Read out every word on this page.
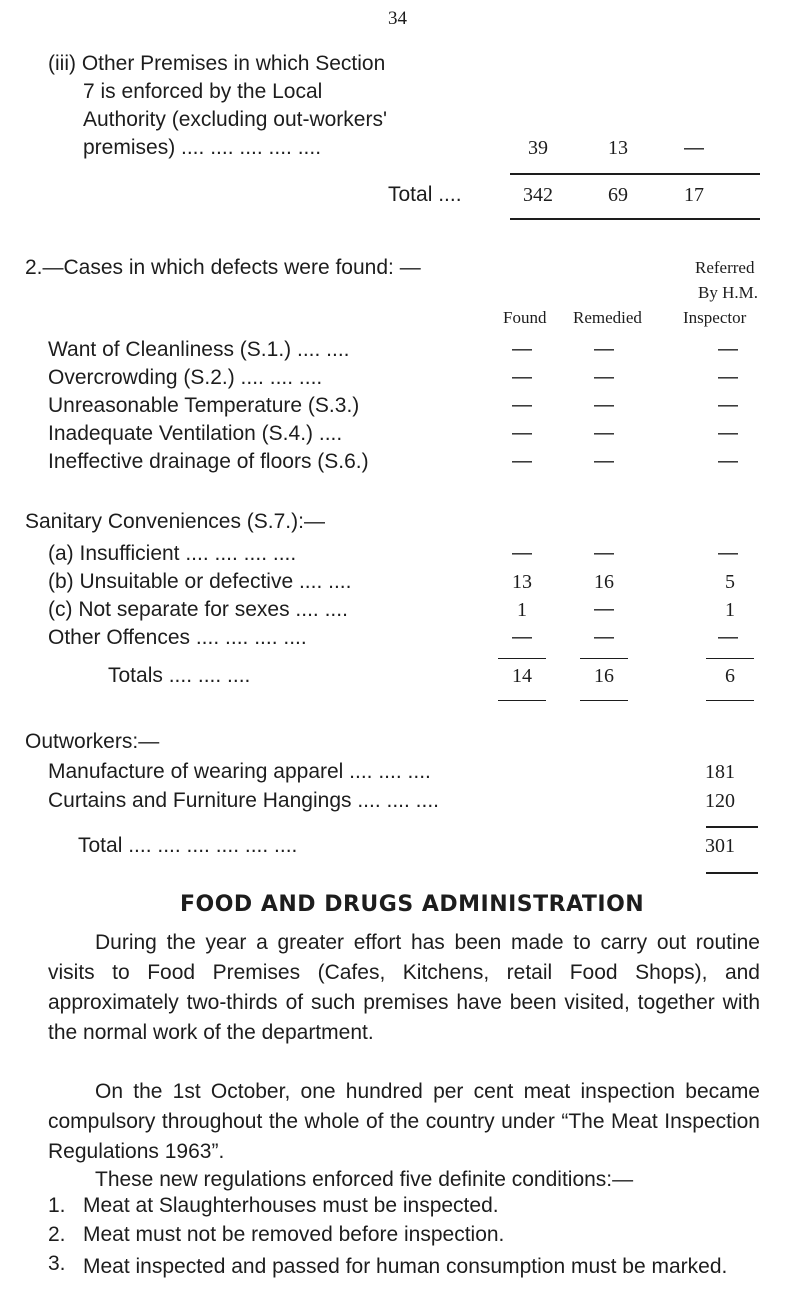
34
(iii) Other Premises in which Section
7 is enforced by the Local
Authority (excluding out-workers'
premises) .... .... .... .... ....	39	13	—
Total ....	342	69	17
2.—Cases in which defects were found: —	Referred
By H.M.
Found Remedied Inspector
Want of Cleanliness (S.1.) .... ....	—	—	—
Overcrowding (S.2.) .... .... ....	—	—	—
Unreasonable Temperature (S.3.)	—	—	—
Inadequate Ventilation (S.4.) ....	—	—	—
Ineffective drainage of floors (S.6.)	—	—	—
Sanitary Conveniences (S.7.):—
(a) Insufficient .... .... .... ....	—	—	—
(b) Unsuitable or defective .... ....	13	16	5
(c) Not separate for sexes .... ....	1	—	1
Other Offences .... .... .... ....	—	—	—
Totals .... .... ....	14	16	6
Outworkers:—
Manufacture of wearing apparel .... .... ....	181
Curtains and Furniture Hangings .... .... ....	120
Total .... .... .... .... .... ....	301
FOOD AND DRUGS ADMINISTRATION
During the year a greater effort has been made to carry out routine visits to Food Premises (Cafes, Kitchens, retail Food Shops), and approximately two-thirds of such premises have been visited, together with the normal work of the department.
On the 1st October, one hundred per cent meat inspection became compulsory throughout the whole of the country under “The Meat Inspection Regulations 1963”.
These new regulations enforced five definite conditions:—
1. Meat at Slaughterhouses must be inspected.
2. Meat must not be removed before inspection.
3. Meat inspected and passed for human consumption must be marked.
